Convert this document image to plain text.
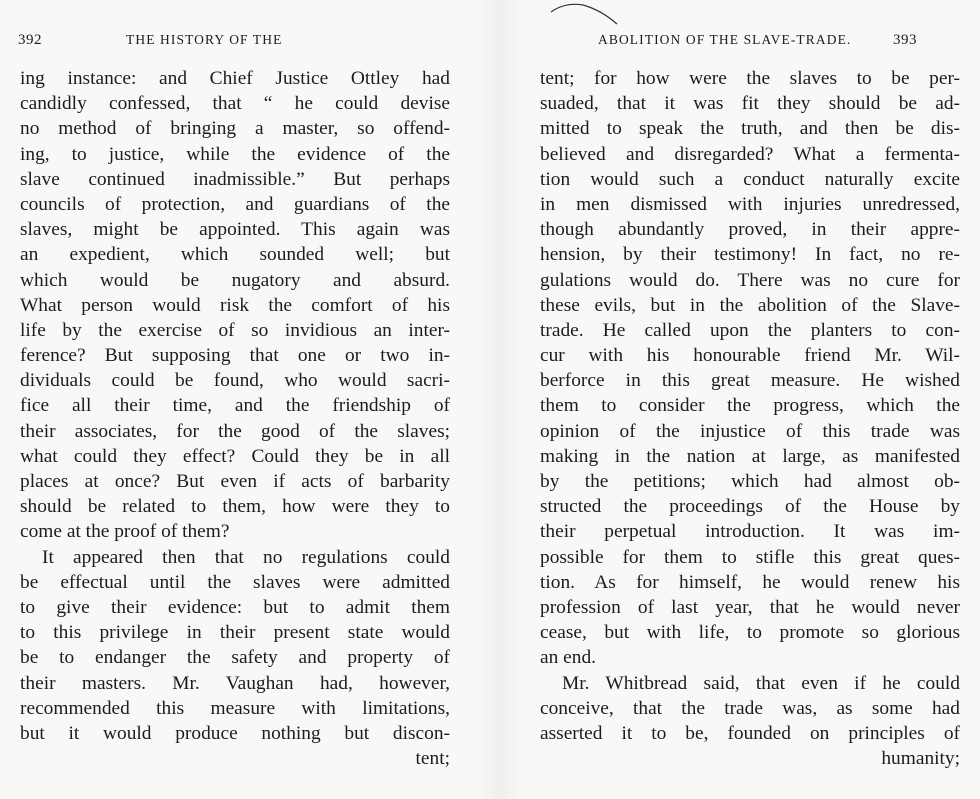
392	THE HISTORY OF THE
ing instance: and Chief Justice Ottley had
candidly confessed, that “ he could devise
no method of bringing a master, so offend-
ing, to justice, while the evidence of the
slave continued inadmissible.” But perhaps
councils of protection, and guardians of the
slaves, might be appointed. This again was
an expedient, which sounded well; but
which would be nugatory and absurd.
What person would risk the comfort of his
life by the exercise of so invidious an inter-
ference? But supposing that one or two in-
dividuals could be found, who would sacri-
fice all their time, and the friendship of
their associates, for the good of the slaves;
what could they effect? Could they be in all
places at once? But even if acts of barbarity
should be related to them, how were they to
come at the proof of them?
It appeared then that no regulations could
be effectual until the slaves were admitted
to give their evidence: but to admit them
to this privilege in their present state would
be to endanger the safety and property of
their masters. Mr. Vaughan had, however,
recommended this measure with limitations,
but it would produce nothing but discon-
tent;
ABOLITION OF THE SLAVE-TRADE.	393
tent; for how were the slaves to be per-
suaded, that it was fit they should be ad-
mitted to speak the truth, and then be dis-
believed and disregarded? What a fermenta-
tion would such a conduct naturally excite
in men dismissed with injuries unredressed,
though abundantly proved, in their appre-
hension, by their testimony! In fact, no re-
gulations would do. There was no cure for
these evils, but in the abolition of the Slave-
trade. He called upon the planters to con-
cur with his honourable friend Mr. Wil-
berforce in this great measure. He wished
them to consider the progress, which the
opinion of the injustice of this trade was
making in the nation at large, as manifested
by the petitions; which had almost ob-
structed the proceedings of the House by
their perpetual introduction. It was im-
possible for them to stifle this great ques-
tion. As for himself, he would renew his
profession of last year, that he would never
cease, but with life, to promote so glorious
an end.
Mr. Whitbread said, that even if he could
conceive, that the trade was, as some had
asserted it to be, founded on principles of
humanity;
